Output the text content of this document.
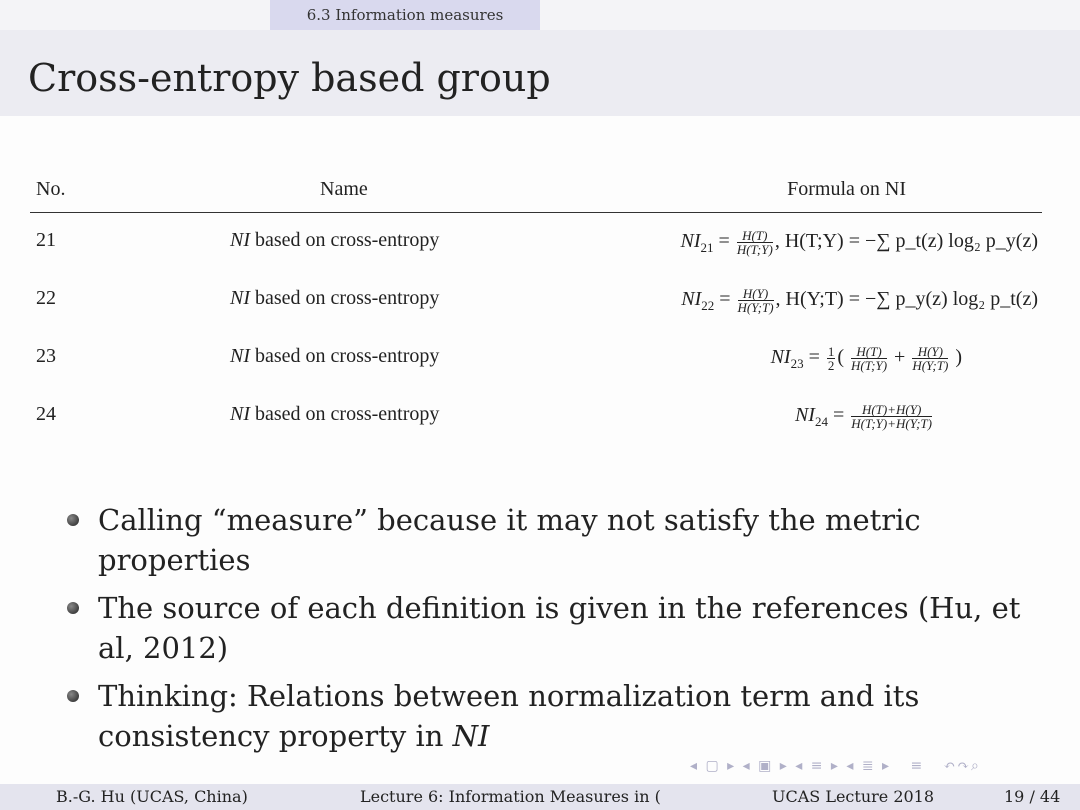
6.3 Information measures
Cross-entropy based group
No.	Name	Formula on NI
21	NI based on cross-entropy	$NI_{21} = \frac{H(T)}{H(T;Y)}$ , H(T;Y) = −∑ p_t(z) log₂ p_y(z)
22	NI based on cross-entropy	$NI_{22} = \frac{H(Y)}{H(Y;T)}$ , H(Y;T) = −∑ p_y(z) log₂ p_t(z)
23	NI based on cross-entropy	$NI_{23} = \frac{1}{2}$ ( $\frac{H(T)}{H(T;Y)} + \frac{H(Y)}{H(Y;T)}$ )
24	NI based on cross-entropy	$NI_{24} = \frac{H(T)+H(Y)}{H(T;Y)+H(Y;T)}$
Calling “measure” because it may not satisfy the metric properties
The source of each definition is given in the references (Hu, et al, 2012)
Thinking: Relations between normalization term and its consistency property in NI
◂ ▢ ▸ ◂ ▣ ▸ ◂ ≡ ▸ ◂ ≣ ▸   ≡   ↶↷⌕
B.-G. Hu (UCAS, China)	Lecture 6: Information Measures in (	UCAS Lecture 2018	19 / 44
